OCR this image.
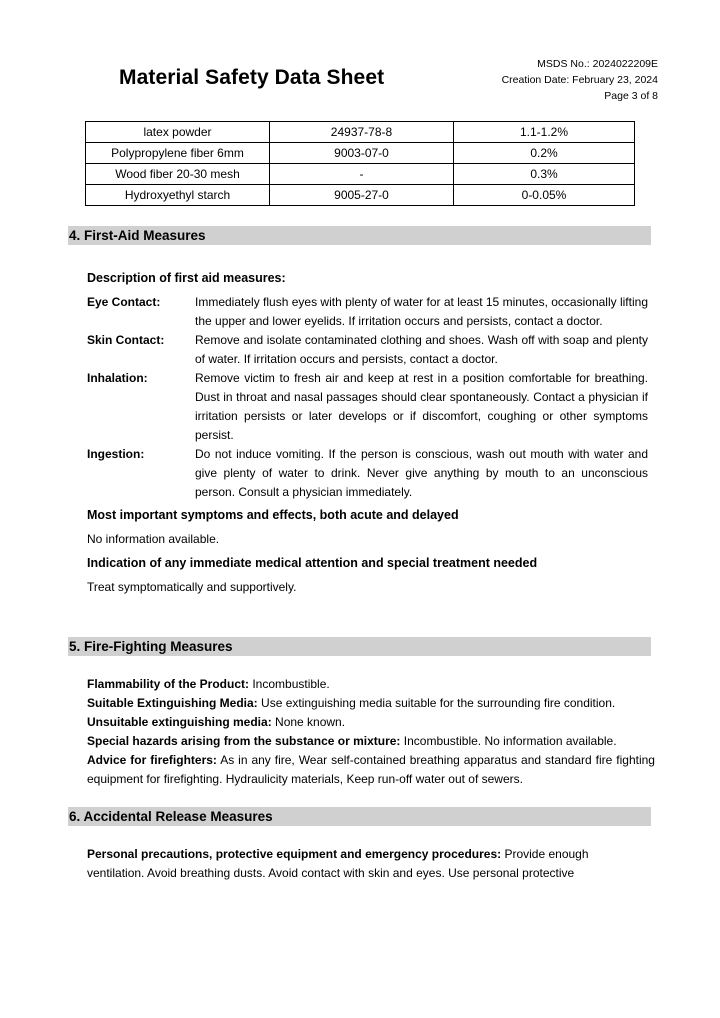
Material Safety Data Sheet
MSDS No.: 2024022209E
Creation Date: February 23, 2024
Page 3 of 8
latex powder	24937-78-8	1.1-1.2%
Polypropylene fiber 6mm	9003-07-0	0.2%
Wood fiber 20-30 mesh	-	0.3%
Hydroxyethyl starch	9005-27-0	0-0.05%
4. First-Aid Measures
Description of first aid measures:
Eye Contact:	Immediately flush eyes with plenty of water for at least 15 minutes, occasionally lifting the upper and lower eyelids. If irritation occurs and persists, contact a doctor.
Skin Contact:	Remove and isolate contaminated clothing and shoes. Wash off with soap and plenty of water. If irritation occurs and persists, contact a doctor.
Inhalation:	Remove victim to fresh air and keep at rest in a position comfortable for breathing. Dust in throat and nasal passages should clear spontaneously. Contact a physician if irritation persists or later develops or if discomfort, coughing or other symptoms persist.
Ingestion:	Do not induce vomiting. If the person is conscious, wash out mouth with water and give plenty of water to drink. Never give anything by mouth to an unconscious person. Consult a physician immediately.
Most important symptoms and effects, both acute and delayed
No information available.
Indication of any immediate medical attention and special treatment needed
Treat symptomatically and supportively.
5. Fire-Fighting Measures
Flammability of the Product: Incombustible.
Suitable Extinguishing Media: Use extinguishing media suitable for the surrounding fire condition.
Unsuitable extinguishing media: None known.
Special hazards arising from the substance or mixture: Incombustible. No information available.
Advice for firefighters: As in any fire, Wear self-contained breathing apparatus and standard fire fighting equipment for firefighting. Hydraulicity materials, Keep run-off water out of sewers.
6. Accidental Release Measures
Personal precautions, protective equipment and emergency procedures: Provide enough ventilation. Avoid breathing dusts. Avoid contact with skin and eyes. Use personal protective
